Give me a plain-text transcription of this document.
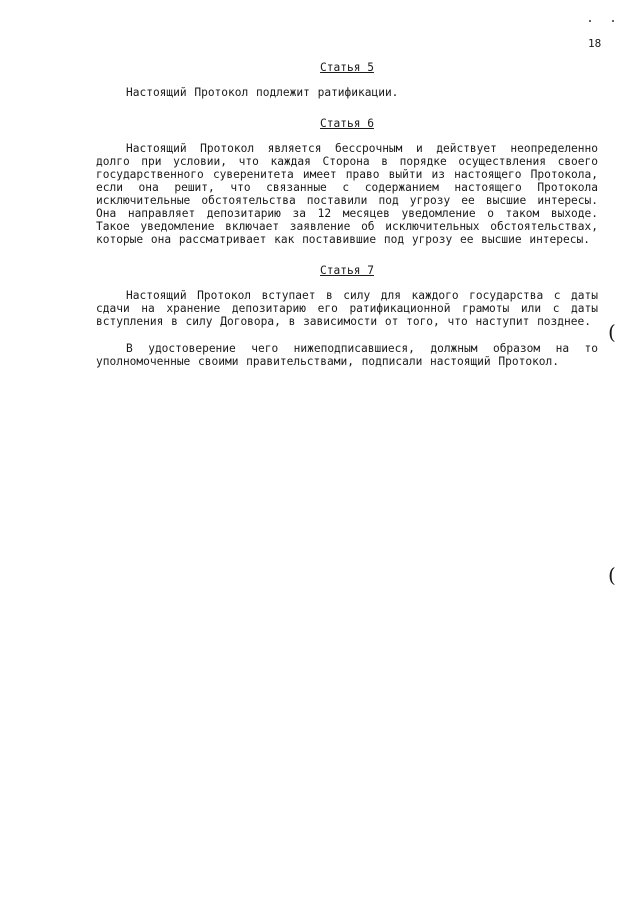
18
(
(
Статья 5

Настоящий Протокол подлежит ратификации.

Статья 6

Настоящий Протокол является бессрочным и действует неопределенно долго при условии, что каждая Сторона в порядке осуществления своего государственного суверенитета имеет право выйти из настоящего Протокола, если она решит, что связанные с содержанием настоящего Протокола исключительные обстоятельства поставили под угрозу ее высшие интересы. Она направляет депозитарию за 12 месяцев уведомление о таком выходе. Такое уведомление включает заявление об исключительных обстоятельствах, которые она рассматривает как поставившие под угрозу ее высшие интересы.

Статья 7

Настоящий Протокол вступает в силу для каждого государства с даты сдачи на хранение депозитарию его ратификационной грамоты или с даты вступления в силу Договора, в зависимости от того, что наступит позднее.

В удостоверение чего нижеподписавшиеся, должным образом на то уполномоченные своими правительствами, подписали настоящий Протокол.
